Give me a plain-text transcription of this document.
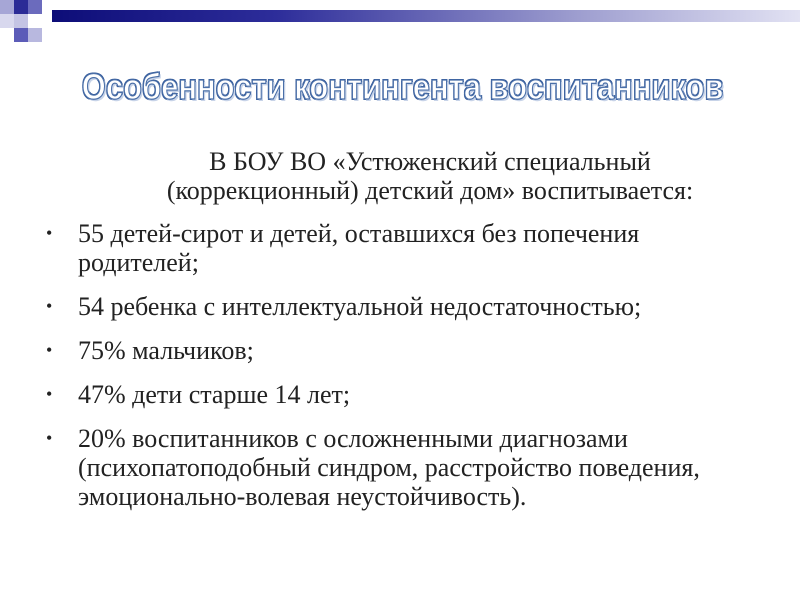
Особенности контингента воспитанников
В БОУ ВО «Устюженский специальный (коррекционный) детский дом» воспитывается:
• 55 детей-сирот и детей, оставшихся без попечения родителей;
• 54 ребенка с интеллектуальной недостаточностью;
• 75% мальчиков;
• 47% дети старше 14 лет;
• 20% воспитанников с осложненными диагнозами (психопатоподобный синдром, расстройство поведения, эмоционально-волевая неустойчивость).
